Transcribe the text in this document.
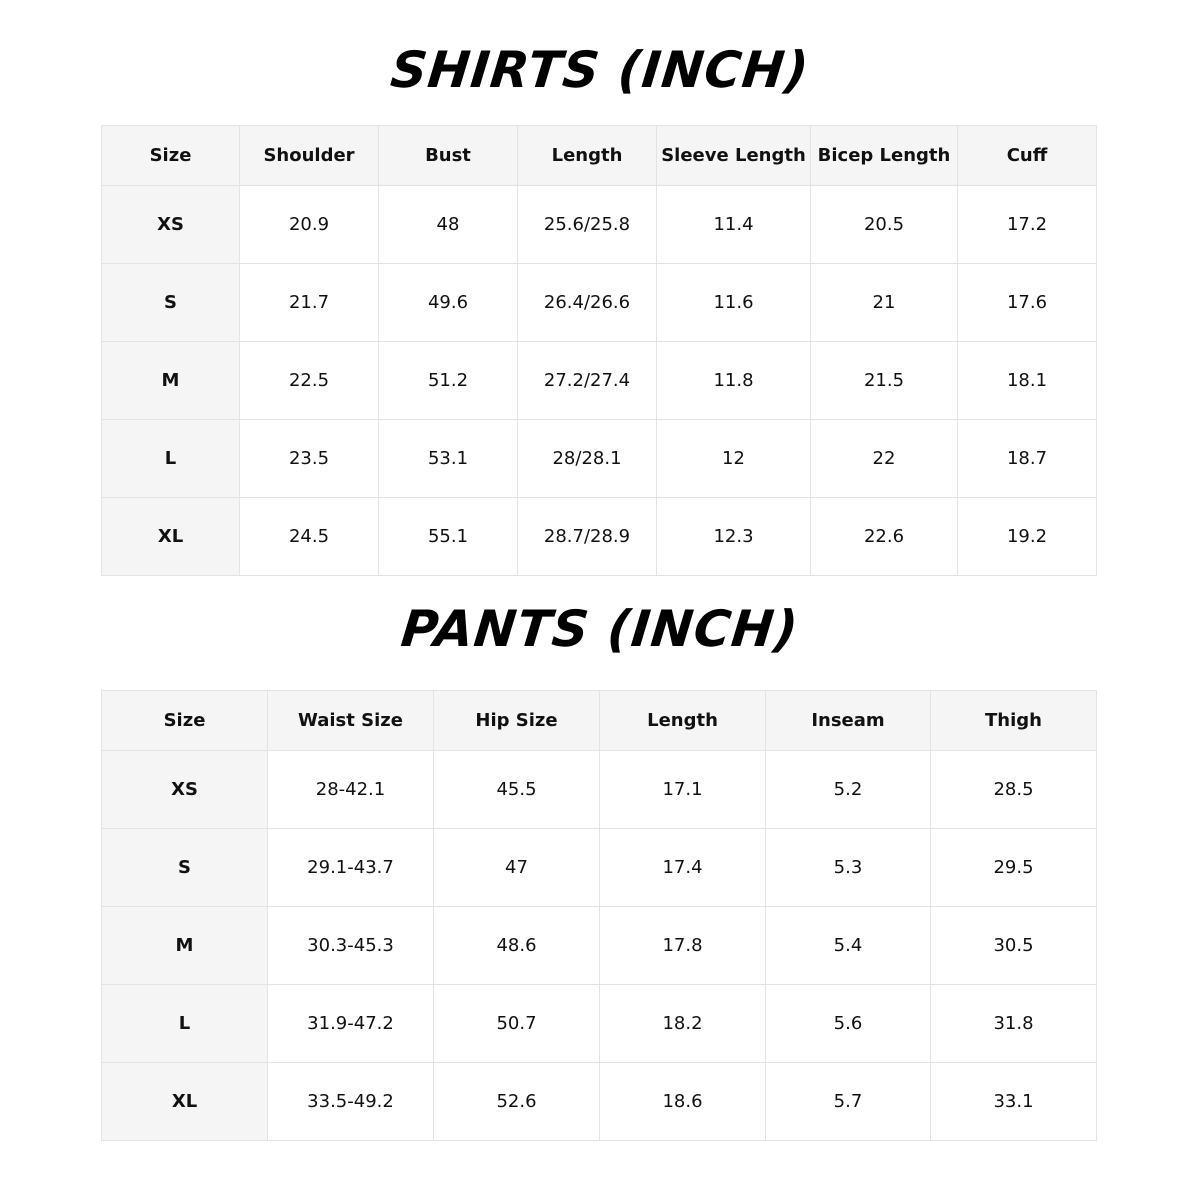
SHIRTS (INCH)
Size	Shoulder	Bust	Length	Sleeve Length	Bicep Length	Cuff
XS	20.9	48	25.6/25.8	11.4	20.5	17.2
S	21.7	49.6	26.4/26.6	11.6	21	17.6
M	22.5	51.2	27.2/27.4	11.8	21.5	18.1
L	23.5	53.1	28/28.1	12	22	18.7
XL	24.5	55.1	28.7/28.9	12.3	22.6	19.2
PANTS (INCH)
Size	Waist Size	Hip Size	Length	Inseam	Thigh
XS	28-42.1	45.5	17.1	5.2	28.5
S	29.1-43.7	47	17.4	5.3	29.5
M	30.3-45.3	48.6	17.8	5.4	30.5
L	31.9-47.2	50.7	18.2	5.6	31.8
XL	33.5-49.2	52.6	18.6	5.7	33.1
